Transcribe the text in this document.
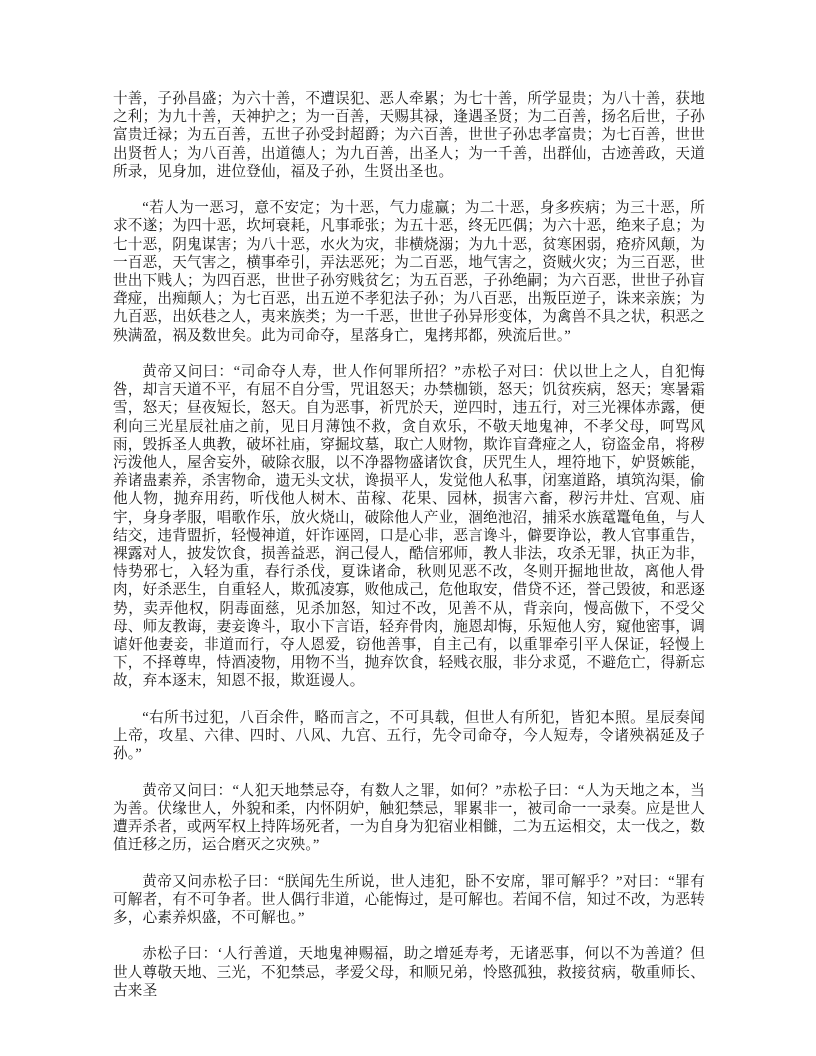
十善，子孙昌盛；为六十善，不遭误犯、恶人牵累；为七十善，所学显贵；为八十善，获地之利；为九十善，天神护之；为一百善，天赐其禄，逢遇圣贤；为二百善，扬名后世，子孙富贵迁禄；为五百善，五世子孙受封超爵；为六百善，世世子孙忠孝富贵；为七百善，世世出贤哲人；为八百善，出道德人；为九百善，出圣人；为一千善，出群仙，古迹善政，天道所录，见身加，进位登仙，福及子孙，生贤出圣也。

“若人为一恶习，意不安定；为十恶，气力虚赢；为二十恶，身多疾病；为三十恶，所求不遂；为四十恶，坎坷衰耗，凡事乖张；为五十恶，终无匹偶；为六十恶，绝来子息；为七十恶，阴鬼谋害；为八十恶，水火为灾，非横烧溺；为九十恶，贫寒困弱，疮疥风颠，为一百恶，天气害之，横事牵引，弄法恶死；为二百恶，地气害之，资贼火灾；为三百恶，世世出下贱人；为四百恶，世世子孙穷贱贫乞；为五百恶，子孙绝嗣；为六百恶，世世子孙盲聋痖，出痴颠人；为七百恶，出五逆不孝犯法子孙；为八百恶，出叛臣逆子，诛来亲族；为九百恶，出妖巷之人，夷来族类；为一千恶，世世子孙异形变体，为禽兽不具之状，积恶之殃满盈，祸及数世矣。此为司命夺，星落身亡，鬼拷邦都，殃流后世。”

黄帝又问曰：“司命夺人寿，世人作何罪所招？”赤松子对曰：伏以世上之人，自犯悔咎，却言天道不平，有屈不自分雪，咒诅怒天；办禁枷锁，怒天；饥贫疾病，怒天；寒暑霜雪，怒天；昼夜短长，怒天。自为恶事，祈咒於天，逆四时，违五行，对三光裸体赤露，便利向三光星辰社庙之前，见日月薄蚀不救，贪自欢乐，不敬天地鬼神，不孝父母，呵骂风雨，毁拆圣人典教，破坏社庙，穿掘坟墓，取亡人财物，欺诈盲聋痖之人，窃盗金帛，将秽污泼他人，屋舍妄外，破除衣服，以不净器物盛诸饮食，厌咒生人，埋符地下，妒贤嫉能，养诸蛊素养，杀害物命，遗无头文状，谗损平人，发觉他人私事，闭塞道路，填筑沟渠，偷他人物，抛弃用药，听伐他人树木、苗稼、花果、园林，损害六畜，秽污井灶、宫观、庙宇，身身孝服，唱歌作乐，放火烧山，破除他人产业，涸绝池沼，捕采水族鼋鼍龟鱼，与人结交，违背盟折，轻慢神道，奸诈诬罔，口是心非，恶言谗斗，僻要诤讼，教人官事重告，裸露对人，披发饮食，损善益恶，润己侵人，酷信邪师，教人非法，攻杀无罪，执正为非，恃势邪七，入轻为重，春行杀伐，夏诛诸命，秋则见恶不改，冬则开掘地世故，离他人骨肉，好杀恶生，自重轻人，欺孤凌寡，败他成己，危他取安，借贷不还，誉己毁彼，和恶逐势，卖弄他权，阴毒面慈，见杀加怒，知过不改，见善不从，背亲向，慢高傲下，不受父母、师友教诲，妻妾谗斗，取小下言语，轻弃骨肉，施恩却悔，乐短他人穷，窥他密事，调谑奸他妻妾，非道而行，夺人恩爱，窃他善事，自主己有，以重罪牵引平人保证，轻慢上下，不择尊卑，恃酒凌物，用物不当，抛弃饮食，轻贱衣服，非分求觅，不避危亡，得新忘故，弃本逐末，知恩不报，欺逛谩人。

“右所书过犯，八百余件，略而言之，不可具载，但世人有所犯，皆犯本照。星辰奏闻上帝，攻星、六律、四时、八风、九宫、五行，先令司命夺，今人短寿，令诸殃祸延及子孙。”

黄帝又问曰：“人犯天地禁忌夺，有数人之罪，如何？”赤松子曰：“人为天地之本，当为善。伏缘世人，外貌和柔，内怀阴妒，触犯禁忌，罪累非一，被司命一一录奏。应是世人遭弄杀者，或两军权上持阵场死者，一为自身为犯宿业相雠，二为五运相交，太一伐之，数值迁移之历，运合磨灭之灾殃。”

黄帝又问赤松子曰：“朕闻先生所说，世人违犯，卧不安席，罪可解乎？”对曰：“罪有可解者，有不可争者。世人偶行非道，心能悔过，是可解也。若闻不信，知过不改，为恶转多，心素养炽盛，不可解也。”

赤松子曰：‘人行善道，天地鬼神赐福，助之增延寿考，无诸恶事，何以不为善道？但世人尊敬天地、三光，不犯禁忌，孝爱父母，和顺兄弟，怜愍孤独，救接贫病，敬重师长、古来圣
